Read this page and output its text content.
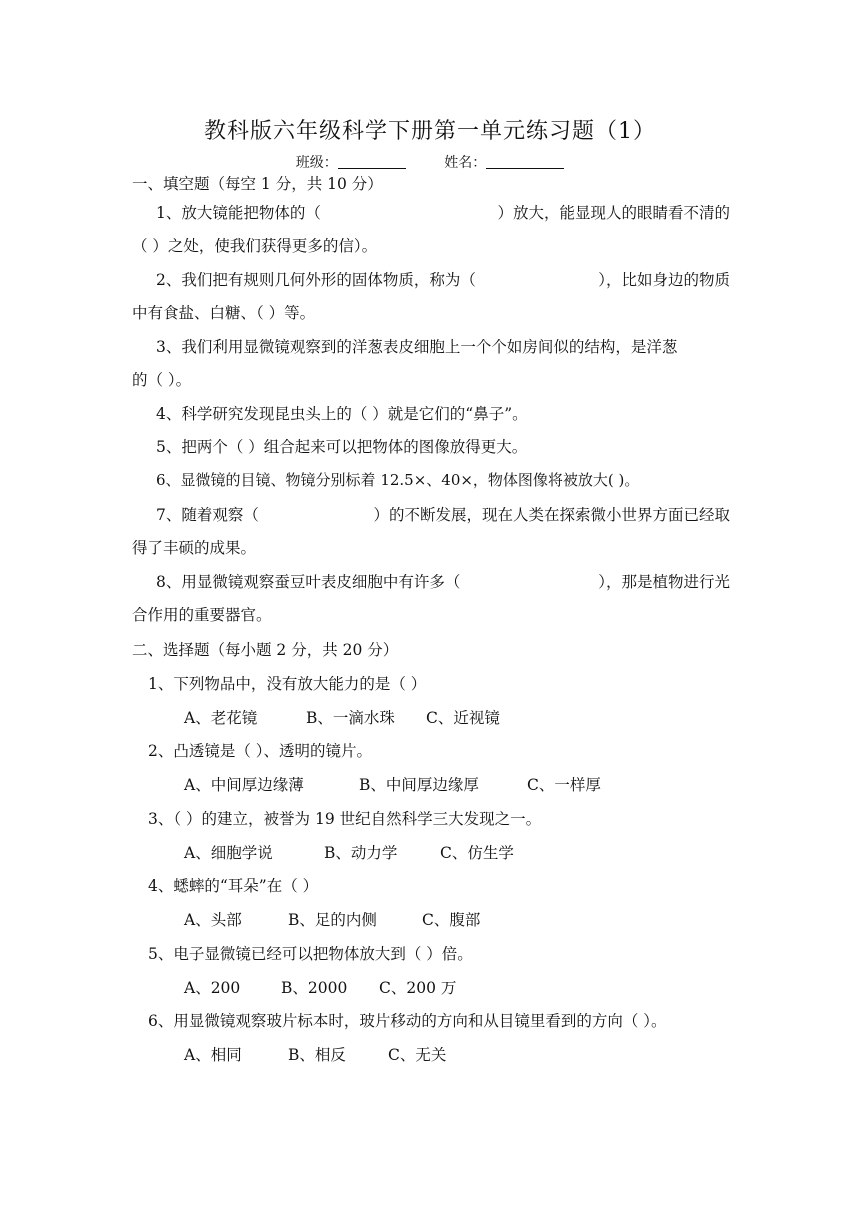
教科版六年级科学下册第一单元练习题（1）
班级：	姓名：
一、填空题（每空 1 分，共 10 分）
1、放大镜能把物体的（	）放大，能显现人的眼睛看不清的
（ ）之处，使我们获得更多的信）。
2、我们把有规则几何外形的固体物质，称为（	），比如身边的物质
中有食盐、白糖、（ ）等。
3、我们利用显微镜观察到的洋葱表皮细胞上一个个如房间似的结构，是洋葱
的（ ）。
4、科学研究发现昆虫头上的（ ）就是它们的“鼻子”。
5、把两个（ ）组合起来可以把物体的图像放得更大。
6、显微镜的目镜、物镜分别标着 12.5×、40×，物体图像将被放大( )。
7、随着观察（	）的不断发展，现在人类在探索微小世界方面已经取
得了丰硕的成果。
8、用显微镜观察蚕豆叶表皮细胞中有许多（	），那是植物进行光
合作用的重要器官。
二、选择题（每小题 2 分，共 20 分）
1、下列物品中，没有放大能力的是（ ）
A、老花镜	B、一滴水珠 C、近视镜
2、凸透镜是（ ）、透明的镜片。
A、中间厚边缘薄	B、中间厚边缘厚	C、一样厚
3、（ ）的建立，被誉为 19 世纪自然科学三大发现之一。
A、细胞学说	B、动力学	C、仿生学
4、蟋蟀的“耳朵”在（ ）
A、头部	B、足的内侧	C、腹部
5、电子显微镜已经可以把物体放大到（ ）倍。
A、200	B、2000 C、200 万
6、用显微镜观察玻片标本时，玻片移动的方向和从目镜里看到的方向（ ）。
A、相同	B、相反	C、无关
